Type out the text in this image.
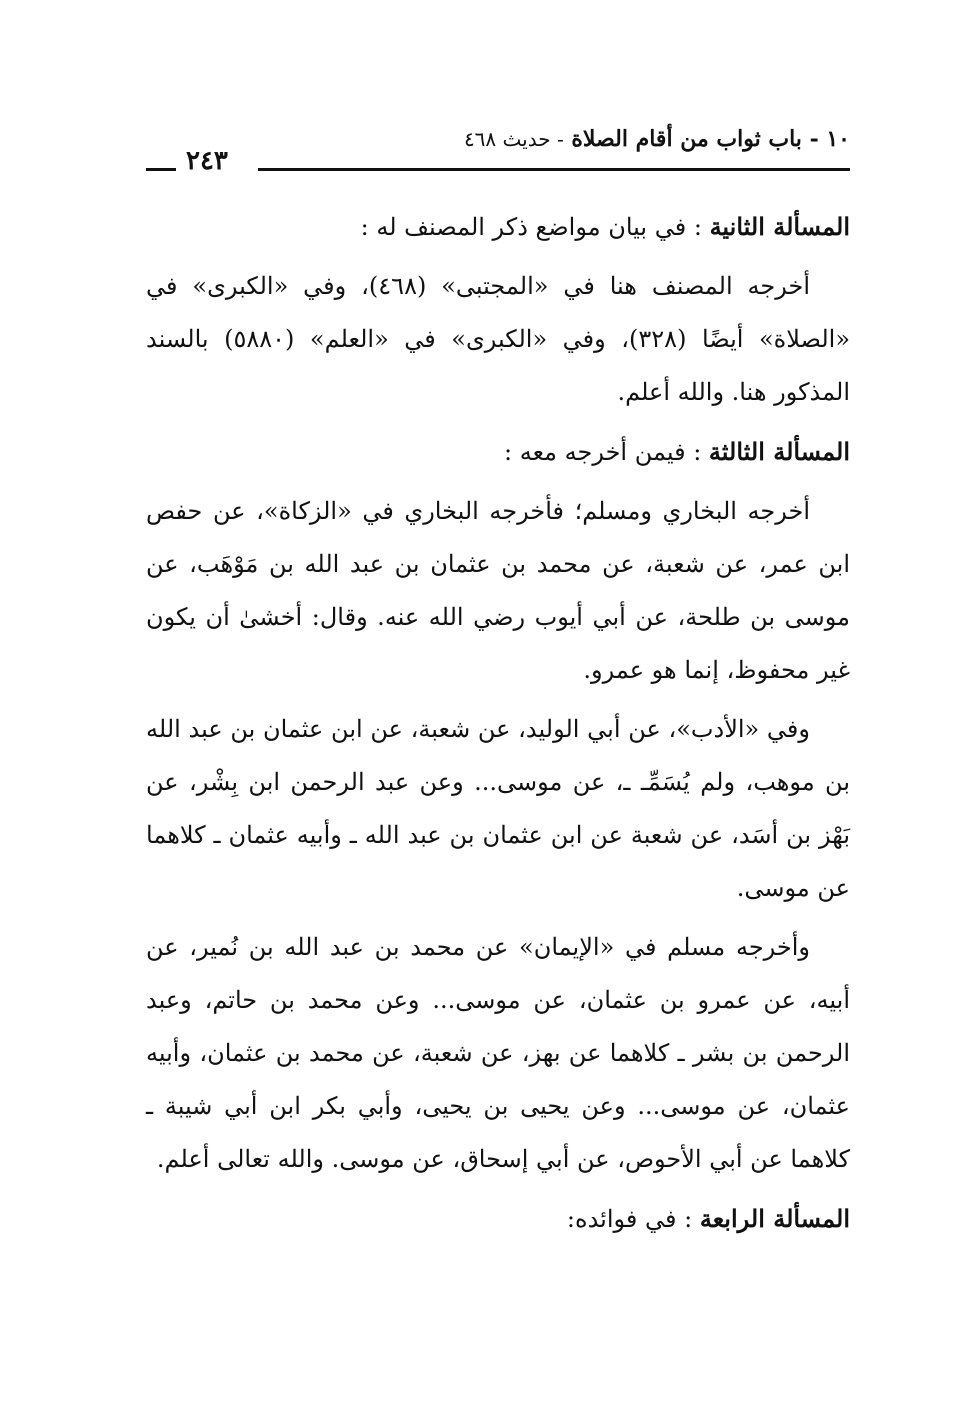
١٠ - باب ثواب من أقام الصلاة - حديث ٤٦٨
٢٤٣

المسألة الثانية : في بيان مواضع ذكر المصنف له :

أخرجه المصنف هنا في «المجتبى» (٤٦٨)، وفي «الكبرى» في «الصلاة» أيضًا (٣٢٨)، وفي «الكبرى» في «العلم» (٥٨٨٠) بالسند المذكور هنا. والله أعلم.

المسألة الثالثة : فيمن أخرجه معه :

أخرجه البخاري ومسلم؛ فأخرجه البخاري في «الزكاة»، عن حفص ابن عمر، عن شعبة، عن محمد بن عثمان بن عبد الله بن مَوْهَب، عن موسى بن طلحة، عن أبي أيوب رضي الله عنه. وقال: أخشىٰ أن يكون غير محفوظ، إنما هو عمرو.

وفي «الأدب»، عن أبي الوليد، عن شعبة، عن ابن عثمان بن عبد الله بن موهب، ولم يُسَمِّـ ـ، عن موسى... وعن عبد الرحمن ابن بِشْر، عن بَهْز بن أسَد، عن شعبة عن ابن عثمان بن عبد الله ـ وأبيه عثمان ـ كلاهما عن موسى.

وأخرجه مسلم في «الإيمان» عن محمد بن عبد الله بن نُمير، عن أبيه، عن عمرو بن عثمان، عن موسى... وعن محمد بن حاتم، وعبد الرحمن بن بشر ـ كلاهما عن بهز، عن شعبة، عن محمد بن عثمان، وأبيه عثمان، عن موسى... وعن يحيى بن يحيى، وأبي بكر ابن أبي شيبة ـ كلاهما عن أبي الأحوص، عن أبي إسحاق، عن موسى. والله تعالى أعلم.

المسألة الرابعة : في فوائده:
